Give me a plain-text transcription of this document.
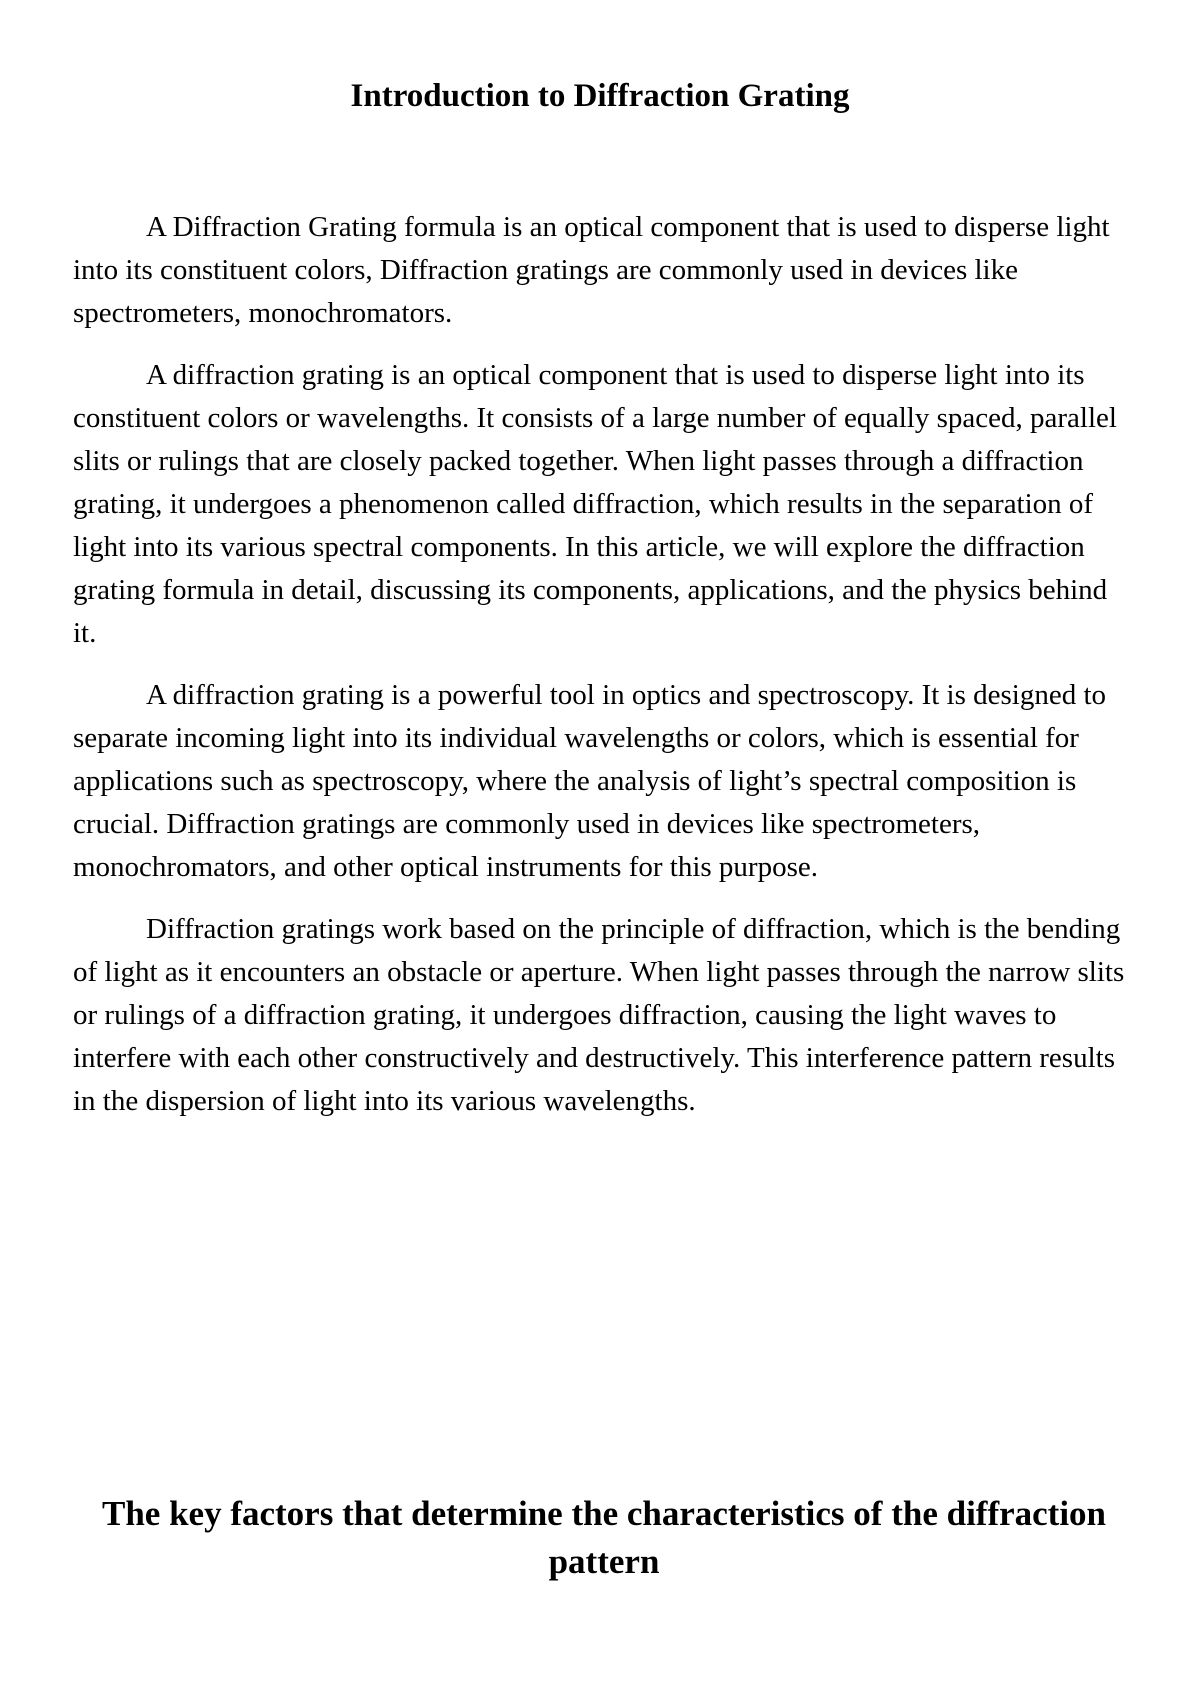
Introduction to Diffraction Grating

A Diffraction Grating formula is an optical component that is used to disperse light into its constituent colors, Diffraction gratings are commonly used in devices like spectrometers, monochromators.

A diffraction grating is an optical component that is used to disperse light into its constituent colors or wavelengths. It consists of a large number of equally spaced, parallel slits or rulings that are closely packed together. When light passes through a diffraction grating, it undergoes a phenomenon called diffraction, which results in the separation of light into its various spectral components. In this article, we will explore the diffraction grating formula in detail, discussing its components, applications, and the physics behind it.

A diffraction grating is a powerful tool in optics and spectroscopy. It is designed to separate incoming light into its individual wavelengths or colors, which is essential for applications such as spectroscopy, where the analysis of light’s spectral composition is crucial. Diffraction gratings are commonly used in devices like spectrometers, monochromators, and other optical instruments for this purpose.

Diffraction gratings work based on the principle of diffraction, which is the bending of light as it encounters an obstacle or aperture. When light passes through the narrow slits or rulings of a diffraction grating, it undergoes diffraction, causing the light waves to interfere with each other constructively and destructively. This interference pattern results in the dispersion of light into its various wavelengths.

The key factors that determine the characteristics of the diffraction pattern
